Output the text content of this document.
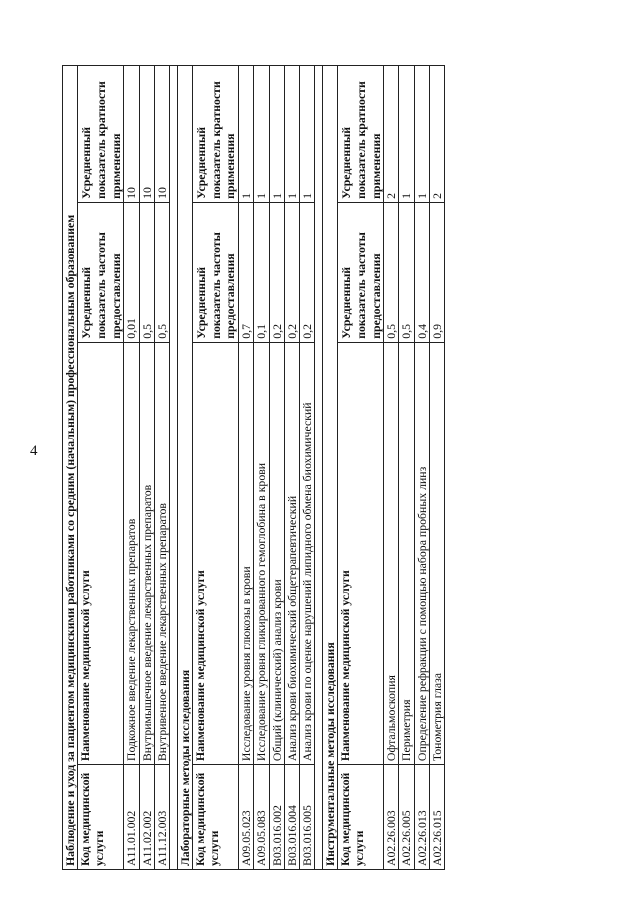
4 Наблюдение и уход за пациентом медицинскими работниками со средним (начальным) профессиональным образованием			
Код медицинской услуги	Наименование медицинской услуги	Усредненный показатель частоты предоставления	Усредненный показатель кратности применения
A11.01.002	Подкожное введение лекарственных препаратов	0,01	10
A11.02.002	Внутримышечное введение лекарственных препаратов	0,5	10
A11.12.003	Внутривенное введение лекарственных препаратов	0,5	10

Лабораторные методы исследования			
Код медицинской услуги	Наименование медицинской услуги	Усредненный показатель частоты предоставления	Усредненный показатель кратности применения
A09.05.023	Исследование уровня глюкозы в крови	0,7	1
A09.05.083	Исследование уровня гликированного гемоглобина в крови	0,1	1
B03.016.002	Общий (клинический) анализ крови	0,2	1
B03.016.004	Анализ крови биохимический общетерапевтический	0,2	1
B03.016.005	Анализ крови по оценке нарушений липидного обмена биохимический	0,2	1

Инструментальные методы исследования			
Код медицинской услуги	Наименование медицинской услуги	Усредненный показатель частоты предоставления	Усредненный показатель кратности применения
A02.26.003	Офтальмоскопия	0,5	2
A02.26.005	Периметрия	0,5	1
A02.26.013	Определение рефракции с помощью набора пробных линз	0,4	1
A02.26.015	Тонометрия глаза	0,9	2
